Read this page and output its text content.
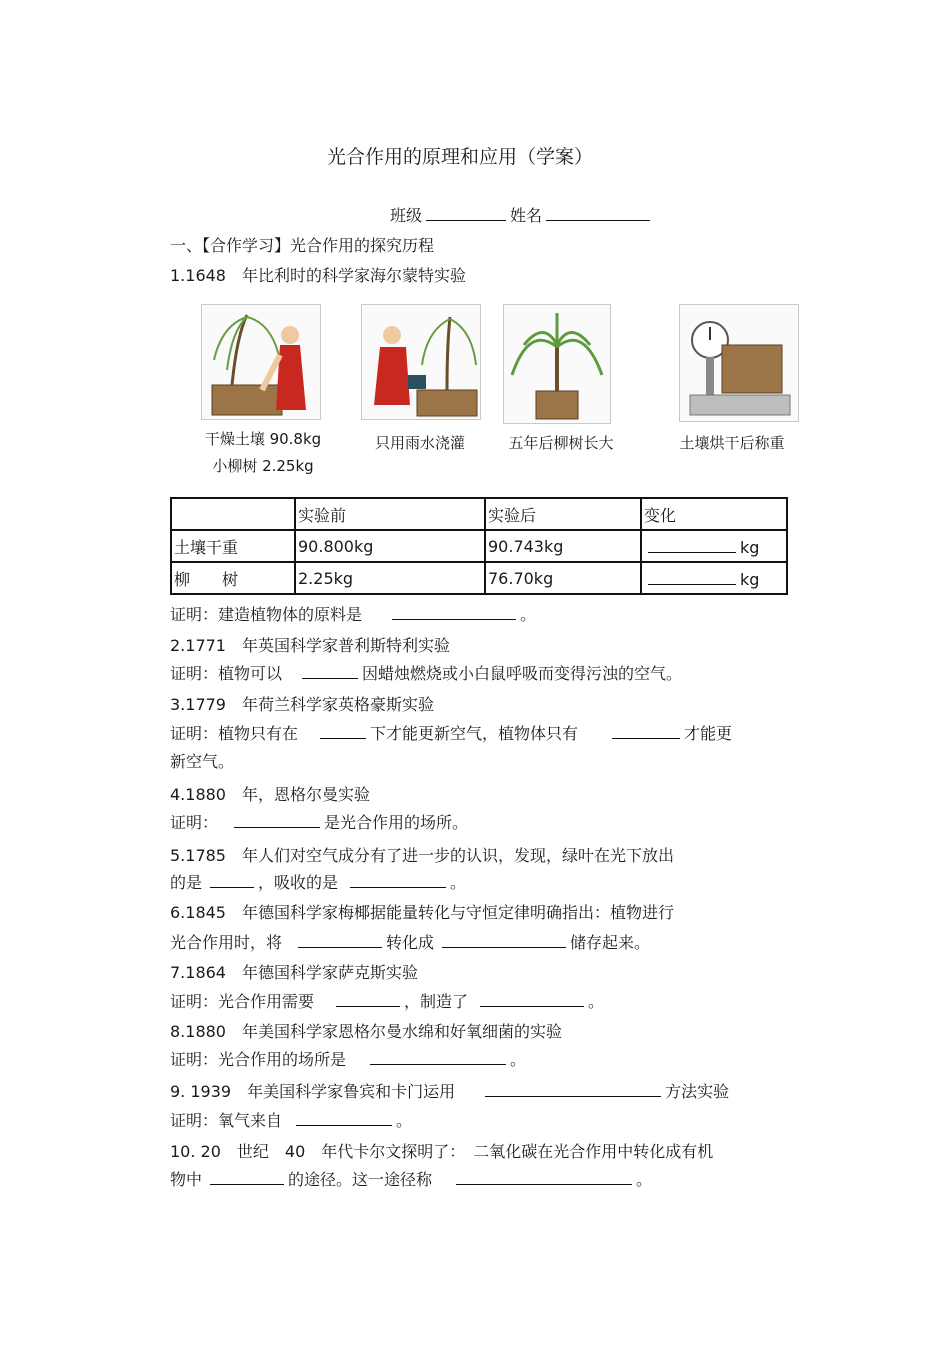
光合作用的原理和应用（学案）
班级	姓名
一、【合作学习】光合作用的探究历程
1.1648　年比利时的科学家海尔蒙特实验
干燥土壤 90.8kg
小柳树 2.25kg
只用雨水浇灌	五年后柳树长大	土壤烘干后称重
	实验前	实验后	变化
土壤干重	90.800kg	90.743kg	kg
柳　　树	2.25kg	76.70kg	kg
证明：建造植物体的原料是	。
2.1771　年英国科学家普利斯特利实验
证明：植物可以	因蜡烛燃烧或小白鼠呼吸而变得污浊的空气。
3.1779　年荷兰科学家英格豪斯实验
证明：植物只有在	下才能更新空气，植物体只有	才能更
新空气。
4.1880　年，恩格尔曼实验
证明：	是光合作用的场所。
5.1785　年人们对空气成分有了进一步的认识，发现，绿叶在光下放出
的是	，吸收的是	。
6.1845　年德国科学家梅椰据能量转化与守恒定律明确指出：植物进行
光合作用时，将	转化成	储存起来。
7.1864　年德国科学家萨克斯实验
证明：光合作用需要	，制造了	。
8.1880　年美国科学家恩格尔曼水绵和好氧细菌的实验
证明：光合作用的场所是	。
9. 1939　年美国科学家鲁宾和卡门运用	方法实验
证明：氧气来自	。
10. 20　世纪　40　年代卡尔文探明了：　二氧化碳在光合作用中转化成有机
物中	的途径。这一途径称	。
